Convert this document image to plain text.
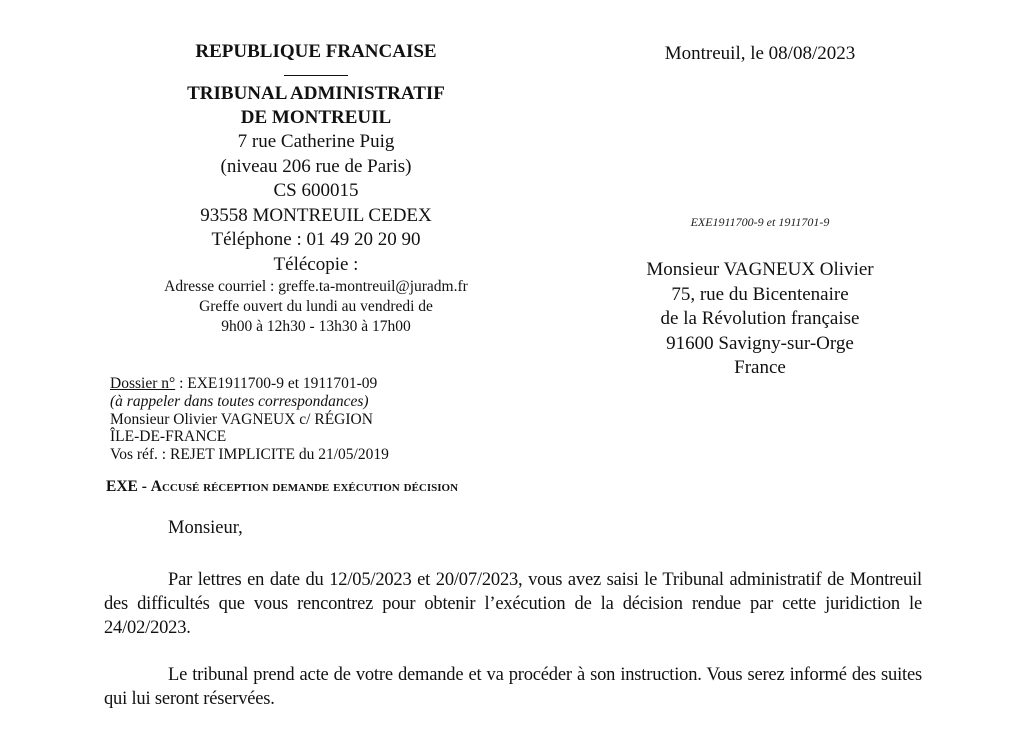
REPUBLIQUE FRANCAISE
TRIBUNAL ADMINISTRATIF
DE MONTREUIL
7 rue Catherine Puig
(niveau 206 rue de Paris)
CS 600015
93558 MONTREUIL CEDEX
Téléphone : 01 49 20 20 90
Télécopie :
Adresse courriel : greffe.ta-montreuil@juradm.fr
Greffe ouvert du lundi au vendredi de
9h00 à 12h30 - 13h30 à 17h00
Dossier n° : EXE1911700-9 et 1911701-09
(à rappeler dans toutes correspondances)
Monsieur Olivier VAGNEUX c/ RÉGION
ÎLE-DE-FRANCE
Vos réf. : REJET IMPLICITE du 21/05/2019
EXE - Accusé réception demande exécution décision
Montreuil, le 08/08/2023
EXE1911700-9 et 1911701-9
Monsieur VAGNEUX Olivier
75, rue du Bicentenaire
de la Révolution française
91600 Savigny-sur-Orge
France
Monsieur,

Par lettres en date du 12/05/2023 et 20/07/2023, vous avez saisi le Tribunal administratif de Montreuil des difficultés que vous rencontrez pour obtenir l’exécution de la décision rendue par cette juridiction le 24/02/2023.

Le tribunal prend acte de votre demande et va procéder à son instruction. Vous serez informé des suites qui lui seront réservées.
